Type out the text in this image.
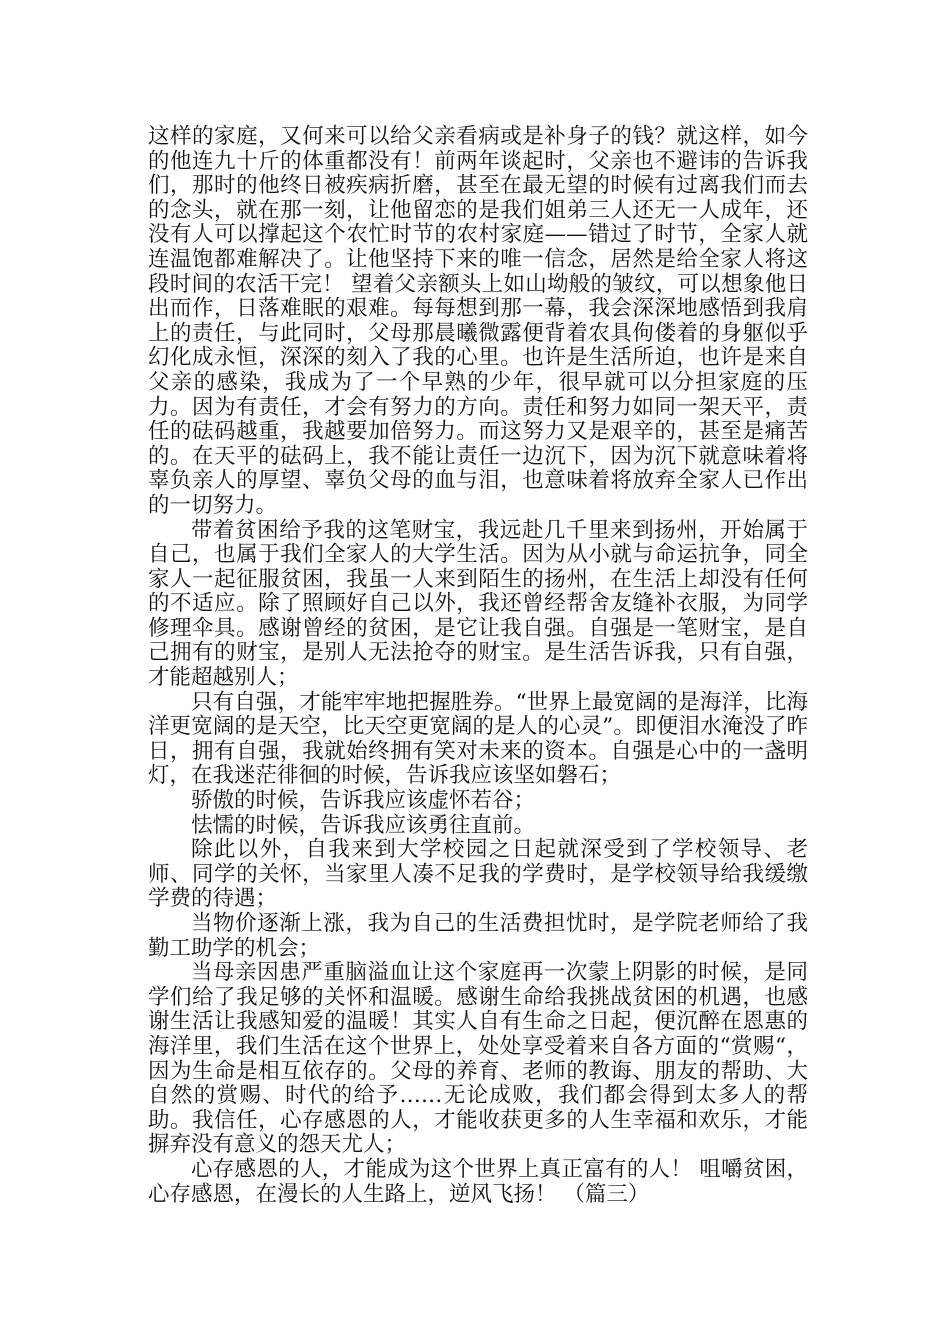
这样的家庭，又何来可以给父亲看病或是补身子的钱？就这样，如今的他连九十斤的体重都没有！前两年谈起时，父亲也不避讳的告诉我们，那时的他终日被疾病折磨，甚至在最无望的时候有过离我们而去的念头，就在那一刻，让他留恋的是我们姐弟三人还无一人成年，还没有人可以撑起这个农忙时节的农村家庭——错过了时节，全家人就连温饱都难解决了。让他坚持下来的唯一信念，居然是给全家人将这段时间的农活干完！ 望着父亲额头上如山坳般的皱纹，可以想象他日出而作，日落难眠的艰难。每每想到那一幕，我会深深地感悟到我肩上的责任，与此同时，父母那晨曦微露便背着农具佝偻着的身躯似乎幻化成永恒，深深的刻入了我的心里。也许是生活所迫，也许是来自父亲的感染，我成为了一个早熟的少年，很早就可以分担家庭的压力。因为有责任，才会有努力的方向。责任和努力如同一架天平，责任的砝码越重，我越要加倍努力。而这努力又是艰辛的，甚至是痛苦的。在天平的砝码上，我不能让责任一边沉下，因为沉下就意味着将辜负亲人的厚望、辜负父母的血与泪，也意味着将放弃全家人已作出的一切努力。

带着贫困给予我的这笔财宝，我远赴几千里来到扬州，开始属于自己，也属于我们全家人的大学生活。因为从小就与命运抗争，同全家人一起征服贫困，我虽一人来到陌生的扬州，在生活上却没有任何的不适应。除了照顾好自己以外，我还曾经帮舍友缝补衣服，为同学修理伞具。感谢曾经的贫困，是它让我自强。自强是一笔财宝，是自己拥有的财宝，是别人无法抢夺的财宝。是生活告诉我，只有自强，才能超越别人；

只有自强，才能牢牢地把握胜券。“世界上最宽阔的是海洋，比海洋更宽阔的是天空，比天空更宽阔的是人的心灵”。即便泪水淹没了昨日，拥有自强，我就始终拥有笑对未来的资本。自强是心中的一盏明灯，在我迷茫徘徊的时候，告诉我应该坚如磐石；

骄傲的时候，告诉我应该虚怀若谷；

怯懦的时候，告诉我应该勇往直前。

除此以外，自我来到大学校园之日起就深受到了学校领导、老师、同学的关怀，当家里人凑不足我的学费时，是学校领导给我缓缴学费的待遇；

当物价逐渐上涨，我为自己的生活费担忧时，是学院老师给了我勤工助学的机会；

当母亲因患严重脑溢血让这个家庭再一次蒙上阴影的时候，是同学们给了我足够的关怀和温暖。感谢生命给我挑战贫困的机遇，也感谢生活让我感知爱的温暖！其实人自有生命之日起，便沉醉在恩惠的海洋里，我们生活在这个世界上，处处享受着来自各方面的“赏赐“，因为生命是相互依存的。父母的养育、老师的教诲、朋友的帮助、大自然的赏赐、时代的给予……无论成败，我们都会得到太多人的帮助。我信任，心存感恩的人，才能收获更多的人生幸福和欢乐，才能摒弃没有意义的怨天尤人；

心存感恩的人，才能成为这个世界上真正富有的人！ 咀嚼贫困，心存感恩，在漫长的人生路上，逆风飞扬！ （篇三）
